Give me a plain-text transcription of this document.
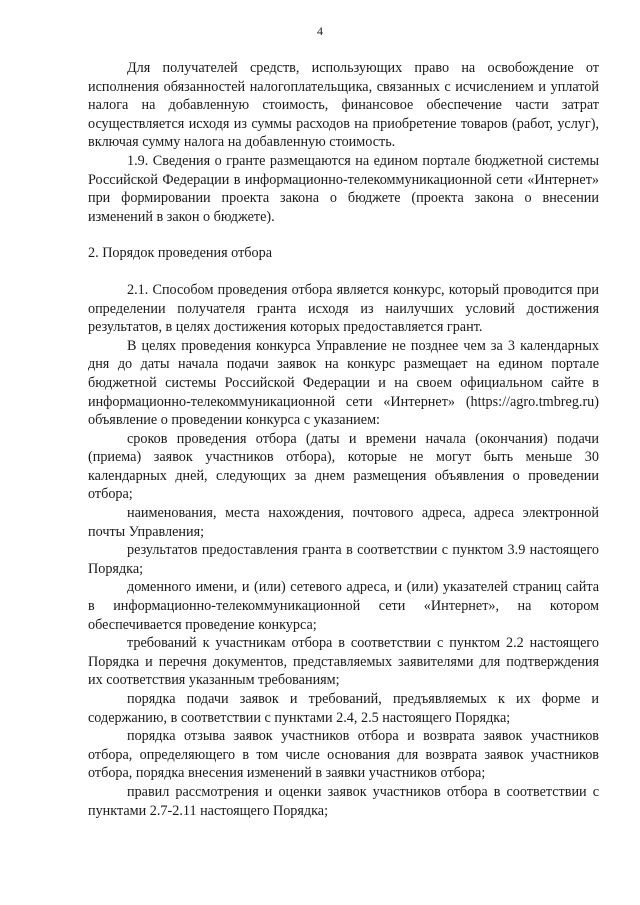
4

Для получателей средств, использующих право на освобождение от исполнения обязанностей налогоплательщика, связанных с исчислением и уплатой налога на добавленную стоимость, финансовое обеспечение части затрат осуществляется исходя из суммы расходов на приобретение товаров (работ, услуг), включая сумму налога на добавленную стоимость.

1.9. Сведения о гранте размещаются на едином портале бюджетной системы Российской Федерации в информационно-телекоммуникационной сети «Интернет» при формировании проекта закона о бюджете (проекта закона о внесении изменений в закон о бюджете).

2. Порядок проведения отбора

2.1. Способом проведения отбора является конкурс, который проводится при определении получателя гранта исходя из наилучших условий достижения результатов, в целях достижения которых предоставляется грант.

В целях проведения конкурса Управление не позднее чем за 3 календарных дня до даты начала подачи заявок на конкурс размещает на едином портале бюджетной системы Российской Федерации и на своем официальном сайте в информационно-телекоммуникационной сети «Интернет» (https://agro.tmbreg.ru) объявление о проведении конкурса с указанием:

сроков проведения отбора (даты и времени начала (окончания) подачи (приема) заявок участников отбора), которые не могут быть меньше 30 календарных дней, следующих за днем размещения объявления о проведении отбора;

наименования, места нахождения, почтового адреса, адреса электронной почты Управления;

результатов предоставления гранта в соответствии с пунктом 3.9 настоящего Порядка;

доменного имени, и (или) сетевого адреса, и (или) указателей страниц сайта в информационно-телекоммуникационной сети «Интернет», на котором обеспечивается проведение конкурса;

требований к участникам отбора в соответствии с пунктом 2.2 настоящего Порядка и перечня документов, представляемых заявителями для подтверждения их соответствия указанным требованиям;

порядка подачи заявок и требований, предъявляемых к их форме и содержанию, в соответствии с пунктами 2.4, 2.5 настоящего Порядка;

порядка отзыва заявок участников отбора и возврата заявок участников отбора, определяющего в том числе основания для возврата заявок участников отбора, порядка внесения изменений в заявки участников отбора;

правил рассмотрения и оценки заявок участников отбора в соответствии с пунктами 2.7-2.11 настоящего Порядка;
